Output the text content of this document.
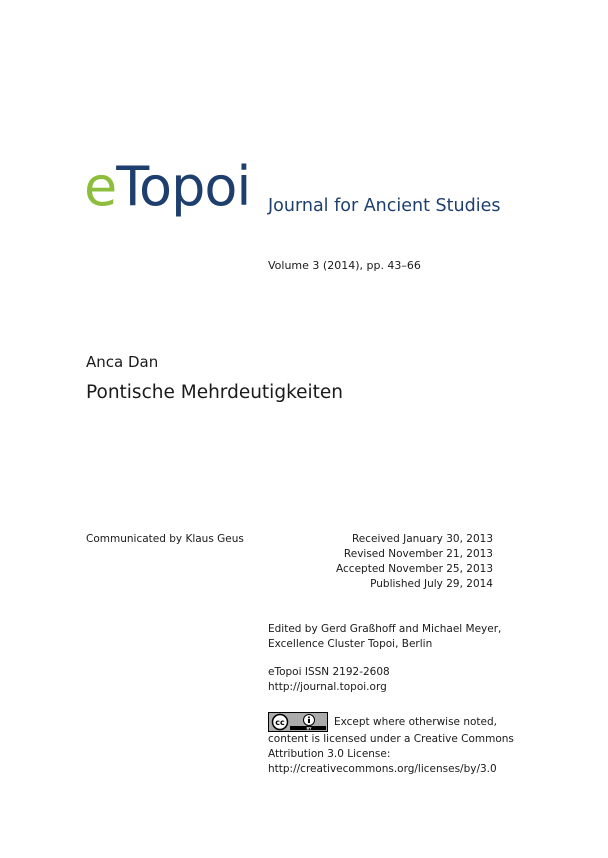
eTopoi Journal for Ancient Studies
Volume 3 (2014), pp. 43–66
Anca Dan
Pontische Mehrdeutigkeiten
Communicated by Klaus Geus	Received January 30, 2013
Revised November 21, 2013
Accepted November 25, 2013
Published July 29, 2014
Edited by Gerd Graßhoff and Michael Meyer,
Excellence Cluster Topoi, Berlin
eTopoi ISSN 2192-2608
http://journal.topoi.org
cc
BY
Except where otherwise noted,
content is licensed under a Creative Commons
Attribution 3.0 License:
http://creativecommons.org/licenses/by/3.0
